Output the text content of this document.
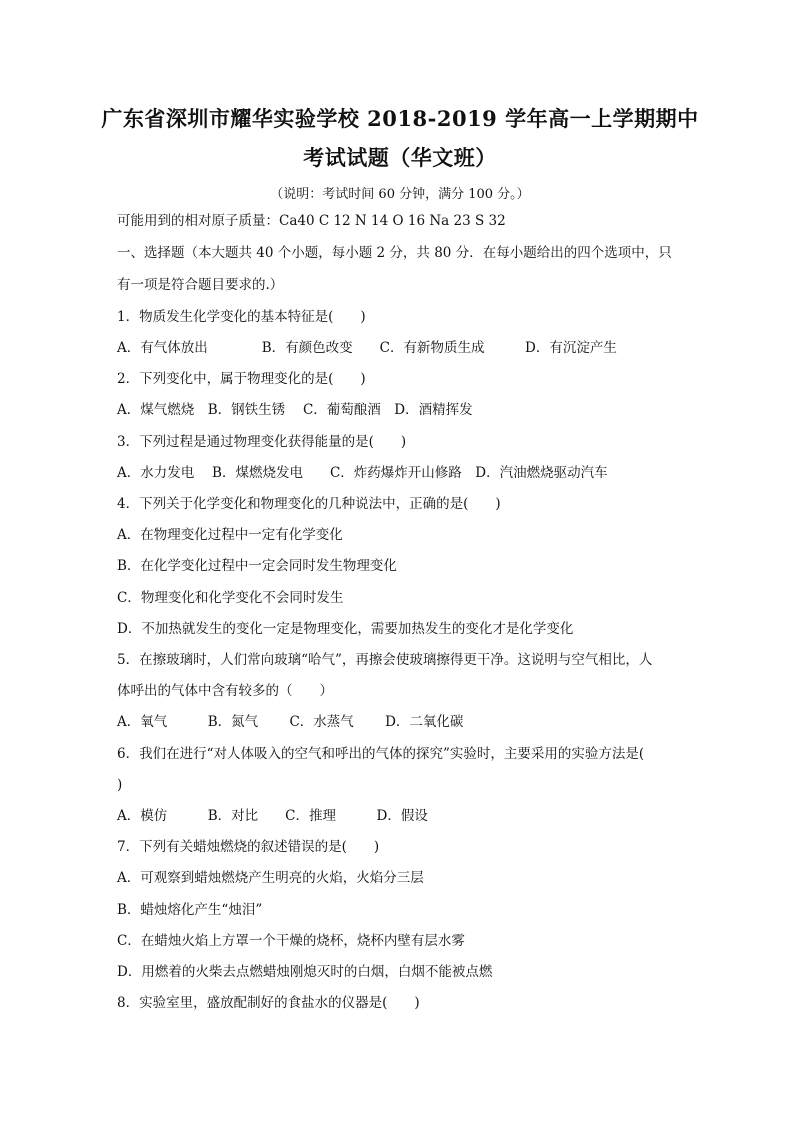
广东省深圳市耀华实验学校 2018-2019 学年高一上学期期中
考试试题（华文班）
（说明：考试时间 60 分钟，满分 100 分。）
可能用到的相对原子质量：Ca40 C 12 N 14 O 16 Na 23 S 32
一、选择题（本大题共 40 个小题，每小题 2 分，共 80 分．在每小题给出的四个选项中，只
有一项是符合题目要求的.）
1．物质发生化学变化的基本特征是(　　)
A．有气体放出　　　　B．有颜色改变　　C．有新物质生成　　　D．有沉淀产生
2．下列变化中，属于物理变化的是(　　)
A．煤气燃烧　B．钢铁生锈　 C．葡萄酿酒　D．酒精挥发
3．下列过程是通过物理变化获得能量的是(　　)
A．水力发电　 B．煤燃烧发电　　C．炸药爆炸开山修路　D．汽油燃烧驱动汽车
4．下列关于化学变化和物理变化的几种说法中，正确的是(　　)
A．在物理变化过程中一定有化学变化
B．在化学变化过程中一定会同时发生物理变化
C．物理变化和化学变化不会同时发生
D．不加热就发生的变化一定是物理变化，需要加热发生的变化才是化学变化
5．在擦玻璃时，人们常向玻璃“哈气”，再擦会使玻璃擦得更干净。这说明与空气相比，人
体呼出的气体中含有较多的（　　）
A．氧气　　　B．氮气　　 C．水蒸气　　 D．二氧化碳
6．我们在进行“对人体吸入的空气和呼出的气体的探究”实验时，主要采用的实验方法是(
)
A．模仿　　　B．对比　　C．推理　　　D．假设
7．下列有关蜡烛燃烧的叙述错误的是(　　)
A．可观察到蜡烛燃烧产生明亮的火焰，火焰分三层
B．蜡烛熔化产生“烛泪”
C．在蜡烛火焰上方罩一个干燥的烧杯，烧杯内壁有层水雾
D．用燃着的火柴去点燃蜡烛刚熄灭时的白烟，白烟不能被点燃
8．实验室里，盛放配制好的食盐水的仪器是(　　)
